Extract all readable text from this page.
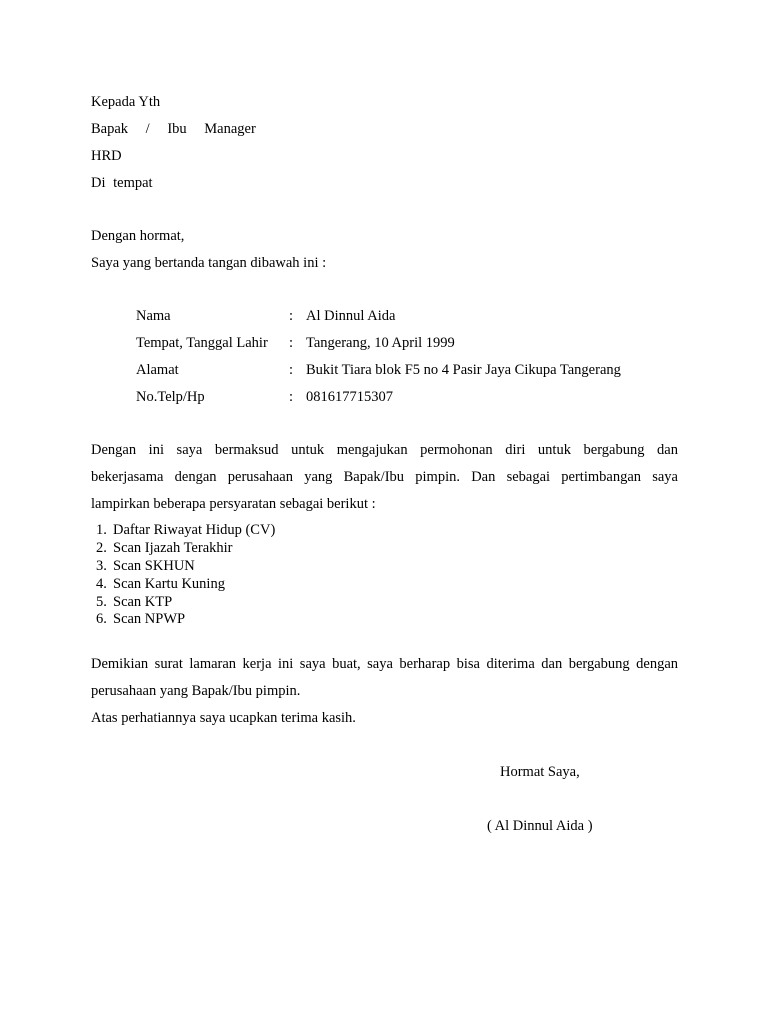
Kepada Yth
Bapak / Ibu Manager
HRD
Di tempat
Dengan hormat,
Saya yang bertanda tangan dibawah ini :
Nama	: Al Dinnul Aida
Tempat, Tanggal Lahir : Tangerang, 10 April 1999
Alamat	: Bukit Tiara blok F5 no 4 Pasir Jaya Cikupa Tangerang
No.Telp/Hp	: 081617715307
Dengan ini saya bermaksud untuk mengajukan permohonan diri untuk bergabung dan
bekerjasama dengan perusahaan yang Bapak/Ibu pimpin. Dan sebagai pertimbangan saya
lampirkan beberapa persyaratan sebagai berikut :
1. Daftar Riwayat Hidup (CV)
2. Scan Ijazah Terakhir
3. Scan SKHUN
4. Scan Kartu Kuning
5. Scan KTP
6. Scan NPWP
Demikian surat lamaran kerja ini saya buat, saya berharap bisa diterima dan bergabung dengan
perusahaan yang Bapak/Ibu pimpin.
Atas perhatiannya saya ucapkan terima kasih.
Hormat Saya,
( Al Dinnul Aida )
